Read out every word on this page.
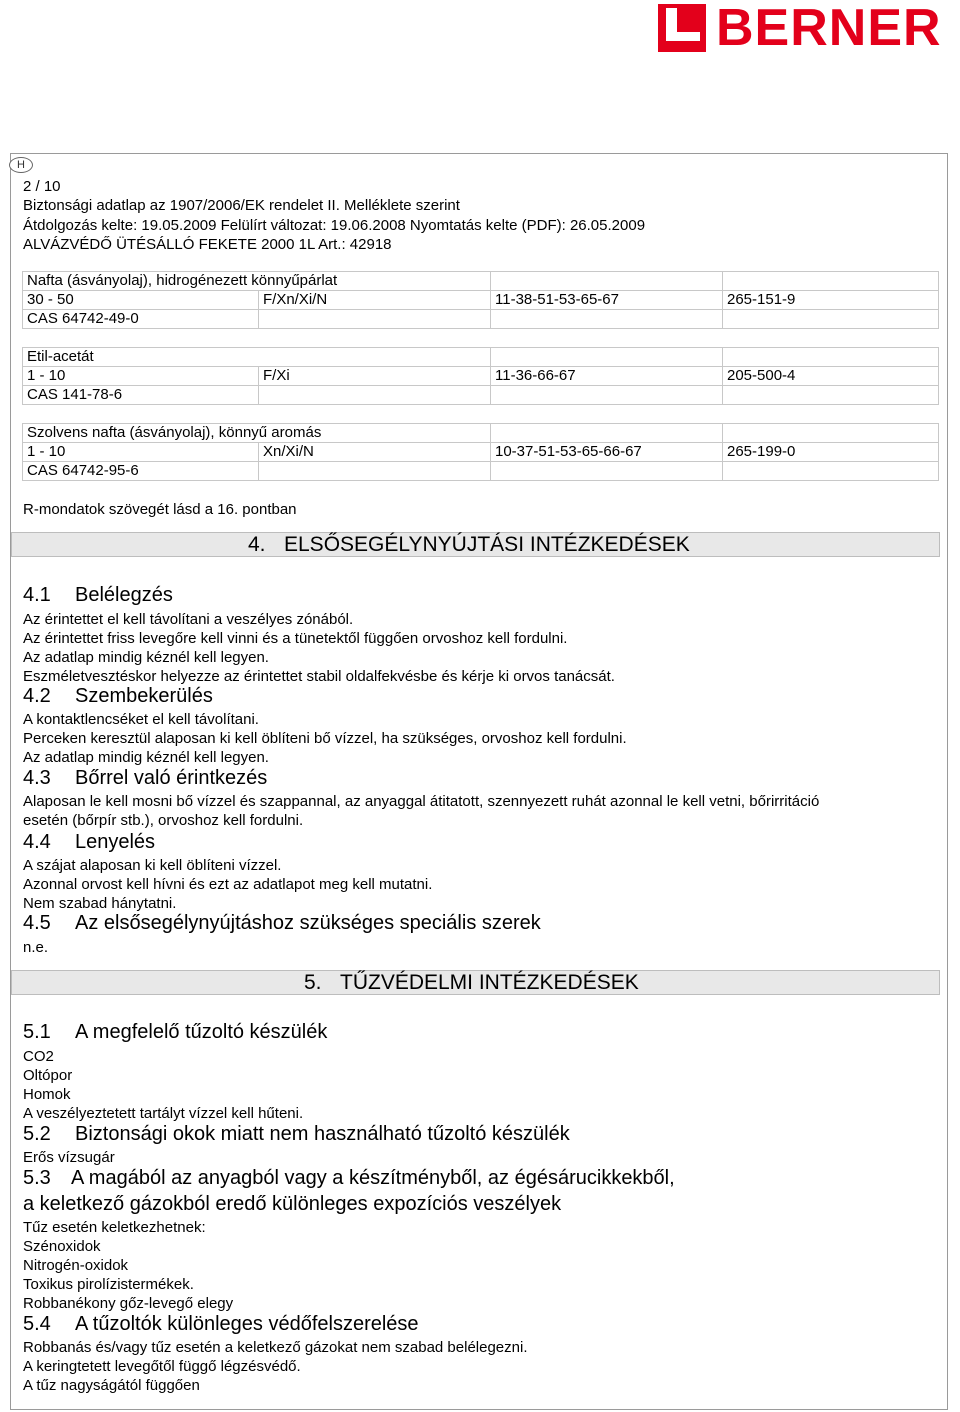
BERNER
H
2 / 10
Biztonsági adatlap az 1907/2006/EK rendelet II. Melléklete szerint
Átdolgozás kelte: 19.05.2009 Felülírt változat: 19.06.2008 Nyomtatás kelte (PDF): 26.05.2009
ALVÁZVÉDŐ ÜTÉSÁLLÓ FEKETE 2000 1L Art.: 42918
Nafta (ásványolaj), hidrogénezett könnyűpárlat			
30 - 50	F/Xn/Xi/N	11-38-51-53-65-67	265-151-9
CAS 64742-49-0			
Etil-acetát			
1 - 10	F/Xi	11-36-66-67	205-500-4
CAS 141-78-6			
Szolvens nafta (ásványolaj), könnyű aromás			
1 - 10	Xn/Xi/N	10-37-51-53-65-66-67	265-199-0
CAS 64742-95-6			
R-mondatok szövegét lásd a 16. pontban
4. ELSŐSEGÉLYNYÚJTÁSI INTÉZKEDÉSEK
4.1 Belélegzés
Az érintettet el kell távolítani a veszélyes zónából.
Az érintettet friss levegőre kell vinni és a tünetektől függően orvoshoz kell fordulni.
Az adatlap mindig kéznél kell legyen.
Eszméletvesztéskor helyezze az érintettet stabil oldalfekvésbe és kérje ki orvos tanácsát.
4.2 Szembekerülés
A kontaktlencséket el kell távolítani.
Perceken keresztül alaposan ki kell öblíteni bő vízzel, ha szükséges, orvoshoz kell fordulni.
Az adatlap mindig kéznél kell legyen.
4.3 Bőrrel való érintkezés
Alaposan le kell mosni bő vízzel és szappannal, az anyaggal átitatott, szennyezett ruhát azonnal le kell vetni, bőrirritáció
esetén (bőrpír stb.), orvoshoz kell fordulni.
4.4 Lenyelés
A szájat alaposan ki kell öblíteni vízzel.
Azonnal orvost kell hívni és ezt az adatlapot meg kell mutatni.
Nem szabad hánytatni.
4.5 Az elsősegélynyújtáshoz szükséges speciális szerek
n.e.
5. TŰZVÉDELMI INTÉZKEDÉSEK
5.1 A megfelelő tűzoltó készülék
CO2
Oltópor
Homok
A veszélyeztetett tartályt vízzel kell hűteni.
5.2 Biztonsági okok miatt nem használható tűzoltó készülék
Erős vízsugár
5.3 A magából az anyagból vagy a készítményből, az égésárucikkekből,
a keletkező gázokból eredő különleges expozíciós veszélyek
Tűz esetén keletkezhetnek:
Szénoxidok
Nitrogén-oxidok
Toxikus pirolízistermékek.
Robbanékony gőz-levegő elegy
5.4 A tűzoltók különleges védőfelszerelése
Robbanás és/vagy tűz esetén a keletkező gázokat nem szabad belélegezni.
A keringtetett levegőtől függő légzésvédő.
A tűz nagyságától függően
